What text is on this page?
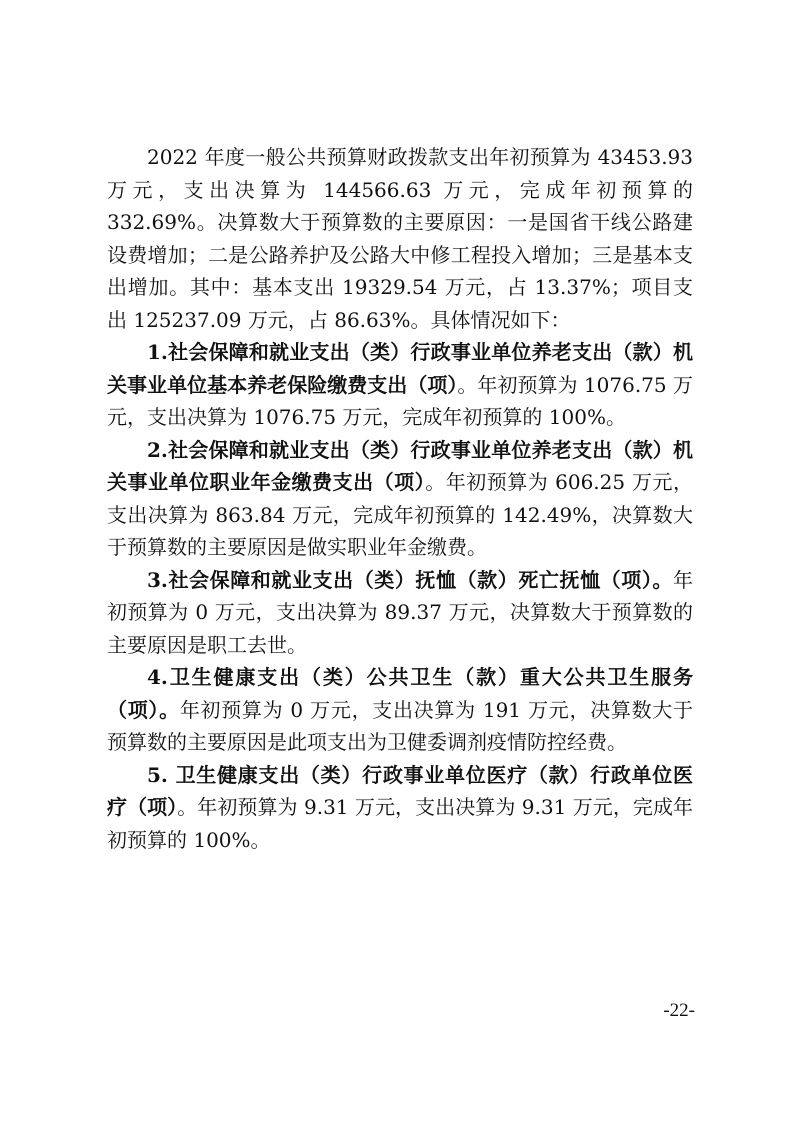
2022 年度一般公共预算财政拨款支出年初预算为 43453.93 万元，支出决算为 144566.63 万元，完成年初预算的 332.69%。决算数大于预算数的主要原因：一是国省干线公路建设费增加；二是公路养护及公路大中修工程投入增加；三是基本支出增加。其中：基本支出 19329.54 万元，占 13.37%；项目支出 125237.09 万元，占 86.63%。具体情况如下：

1.社会保障和就业支出（类）行政事业单位养老支出（款）机关事业单位基本养老保险缴费支出（项）。年初预算为 1076.75 万元，支出决算为 1076.75 万元，完成年初预算的 100%。

2.社会保障和就业支出（类）行政事业单位养老支出（款）机关事业单位职业年金缴费支出（项）。年初预算为 606.25 万元，支出决算为 863.84 万元，完成年初预算的 142.49%，决算数大于预算数的主要原因是做实职业年金缴费。

3.社会保障和就业支出（类）抚恤（款）死亡抚恤（项）。年初预算为 0 万元，支出决算为 89.37 万元，决算数大于预算数的主要原因是职工去世。

4.卫生健康支出（类）公共卫生（款）重大公共卫生服务（项）。年初预算为 0 万元，支出决算为 191 万元，决算数大于预算数的主要原因是此项支出为卫健委调剂疫情防控经费。

5. 卫生健康支出（类）行政事业单位医疗（款）行政单位医疗（项）。年初预算为 9.31 万元，支出决算为 9.31 万元，完成年初预算的 100%。

-22-
